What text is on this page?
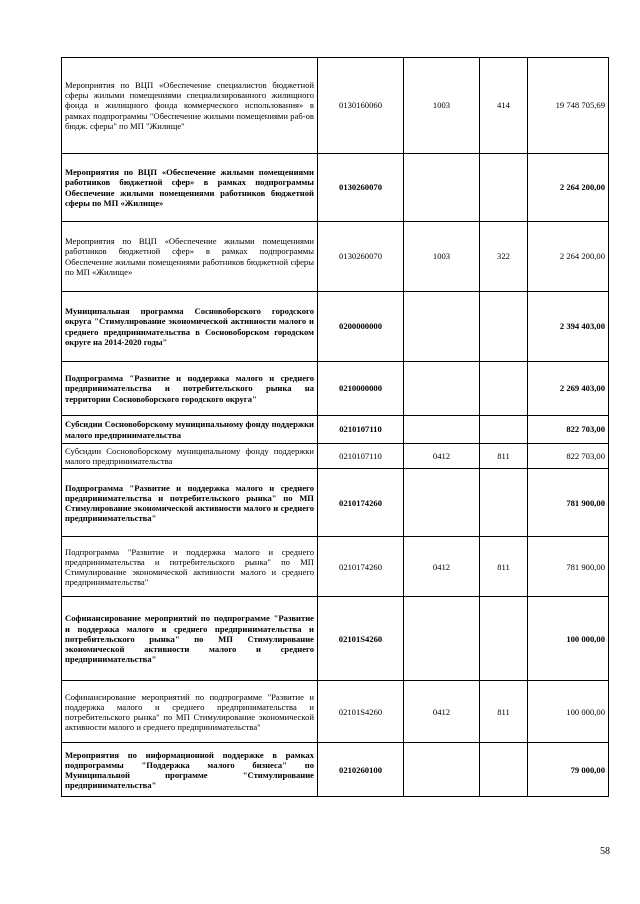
Мероприятия по ВЦП «Обеспечение специалистов бюджетной сферы жилыми помещениями специализированного жилищного фонда и жилищного фонда коммерческого использования» в рамках подпрограммы "Обеспечение жилыми помещениями раб-ов бюдж. сферы" по МП "Жилище"	0130160060	1003	414	19 748 705,69
Мероприятия по ВЦП «Обеспечение жилыми помещениями работников бюджетной сфер» в рамках подпрограммы Обеспечение жилыми помещениями работников бюджетной сферы по МП «Жилище»	0130260070			2 264 200,00
Мероприятия по ВЦП «Обеспечение жилыми помещениями работников бюджетной сфер» в рамках подпрограммы Обеспечение жилыми помещениями работников бюджетной сферы по МП «Жилище»	0130260070	1003	322	2 264 200,00
Муниципальная программа Сосновоборского городского округа "Стимулирование экономической активности малого и среднего предпринимательства в Сосновоборском городском округе на 2014-2020 годы"	0200000000			2 394 403,00
Подпрограмма "Развитие и поддержка малого и среднего предпринимательства и потребительского рынка на территории Сосновоборского городского округа"	0210000000			2 269 403,00
Субсидии Сосновоборскому муниципальному фонду поддержки малого предпринимательства	0210107110			822 703,00
Субсидии Сосновоборскому муниципальному фонду поддержки малого предпринимательства	0210107110	0412	811	822 703,00
Подпрограмма "Развитие и поддержка малого и среднего предпринимательства и потребительского рынка" по МП Стимулирование экономической активности малого и среднего предпринимательства"	0210174260			781 900,00
Подпрограмма "Развитие и поддержка малого и среднего предпринимательства и потребительского рынка" по МП Стимулирование экономической активности малого и среднего предпринимательства"	0210174260	0412	811	781 900,00
Софинансирование мероприятий по подпрограмме "Развитие и поддержка малого и среднего предпринимательства и потребительского рынка" по МП Стимулирование экономической активности малого и среднего предпринимательства"	02101S4260			100 000,00
Софинансирование мероприятий по подпрограмме "Развитие и поддержка малого и среднего предпринимательства и потребительского рынка" по МП Стимулирование экономической активности малого и среднего предпринимательства"	02101S4260	0412	811	100 000,00
Мероприятия по информационной поддержке в рамках подпрограммы "Поддержка малого бизнеса" по Муниципальной программе "Стимулирование предпринимательства"	0210260100			79 000,00
58
